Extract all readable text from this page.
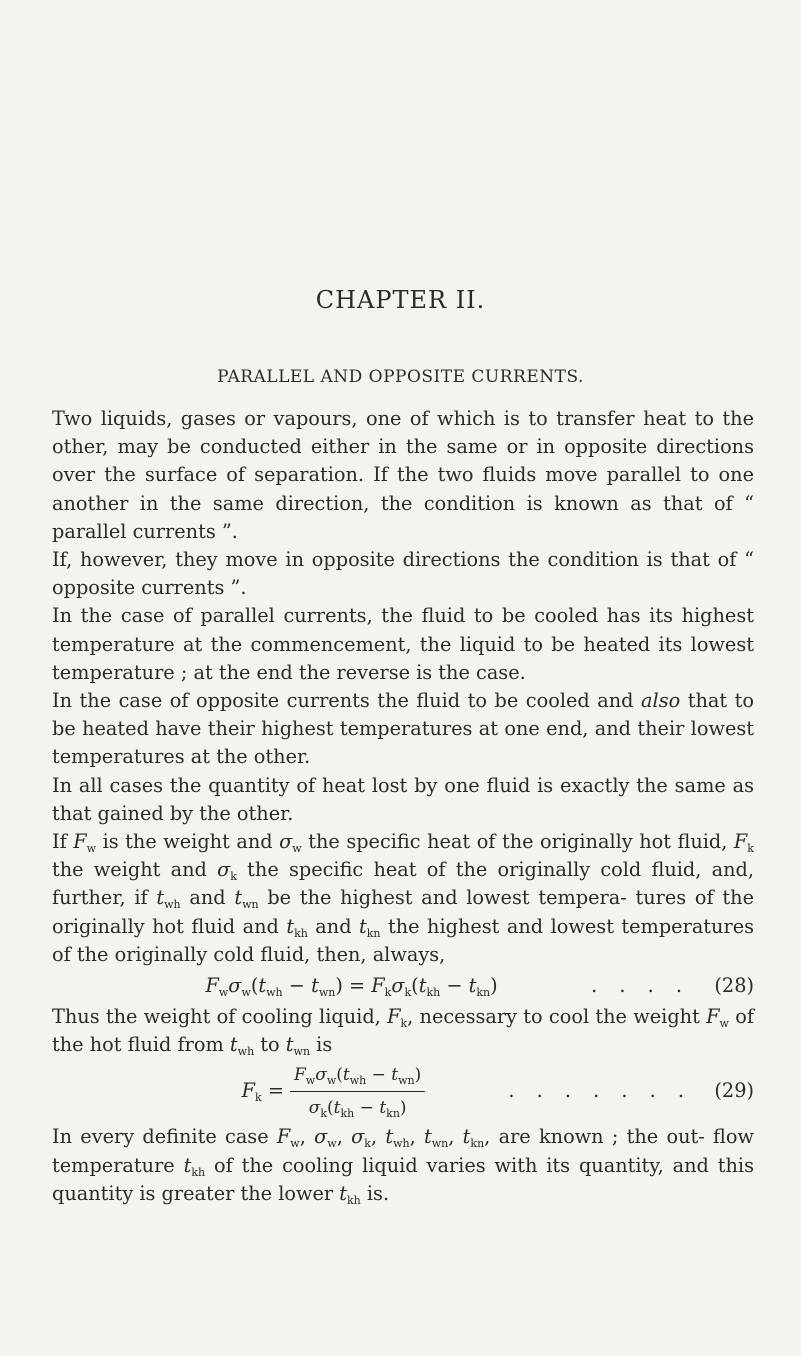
CHAPTER II.
PARALLEL AND OPPOSITE CURRENTS.

Two liquids, gases or vapours, one of which is to transfer heat to the other, may be conducted either in the same or in opposite directions over the surface of separation. If the two fluids move parallel to one another in the same direction, the condition is known as that of “ parallel currents ”.

If, however, they move in opposite directions the condition is that of “ opposite currents ”.

In the case of parallel currents, the fluid to be cooled has its highest temperature at the commencement, the liquid to be heated its lowest temperature ; at the end the reverse is the case.

In the case of opposite currents the fluid to be cooled and also that to be heated have their highest temperatures at one end, and their lowest temperatures at the other.

In all cases the quantity of heat lost by one fluid is exactly the same as that gained by the other.

If $F_w$ is the weight and $\sigma_w$ the specific heat of the originally hot fluid, $F_k$ the weight and $\sigma_k$ the specific heat of the originally cold fluid, and, further, if $t_{wh}$ and $t_{wn}$ be the highest and lowest tempera- tures of the originally hot fluid and $t_{kh}$ and $t_{kn}$ the highest and lowest temperatures of the originally cold fluid, then, always,

$F_w\sigma_w(t_{wh} - t_{wn}) = F_k\sigma_k(t_{kh} - t_{kn})$	. . . .	(28)

Thus the weight of cooling liquid, $F_k$, necessary to cool the weight $F_w$ of the hot fluid from $t_{wh}$ to $t_{wn}$ is

$F_k = \frac{F_w\sigma_w(t_{wh} - t_{wn})}{\sigma_k(t_{kh} - t_{kn})}$	. . . . . . .	(29)

In every definite case $F_w$, $\sigma_w$, $\sigma_k$, $t_{wh}$, $t_{wn}$, $t_{kn}$, are known ; the out- flow temperature $t_{kh}$ of the cooling liquid varies with its quantity, and this quantity is greater the lower $t_{kh}$ is.
